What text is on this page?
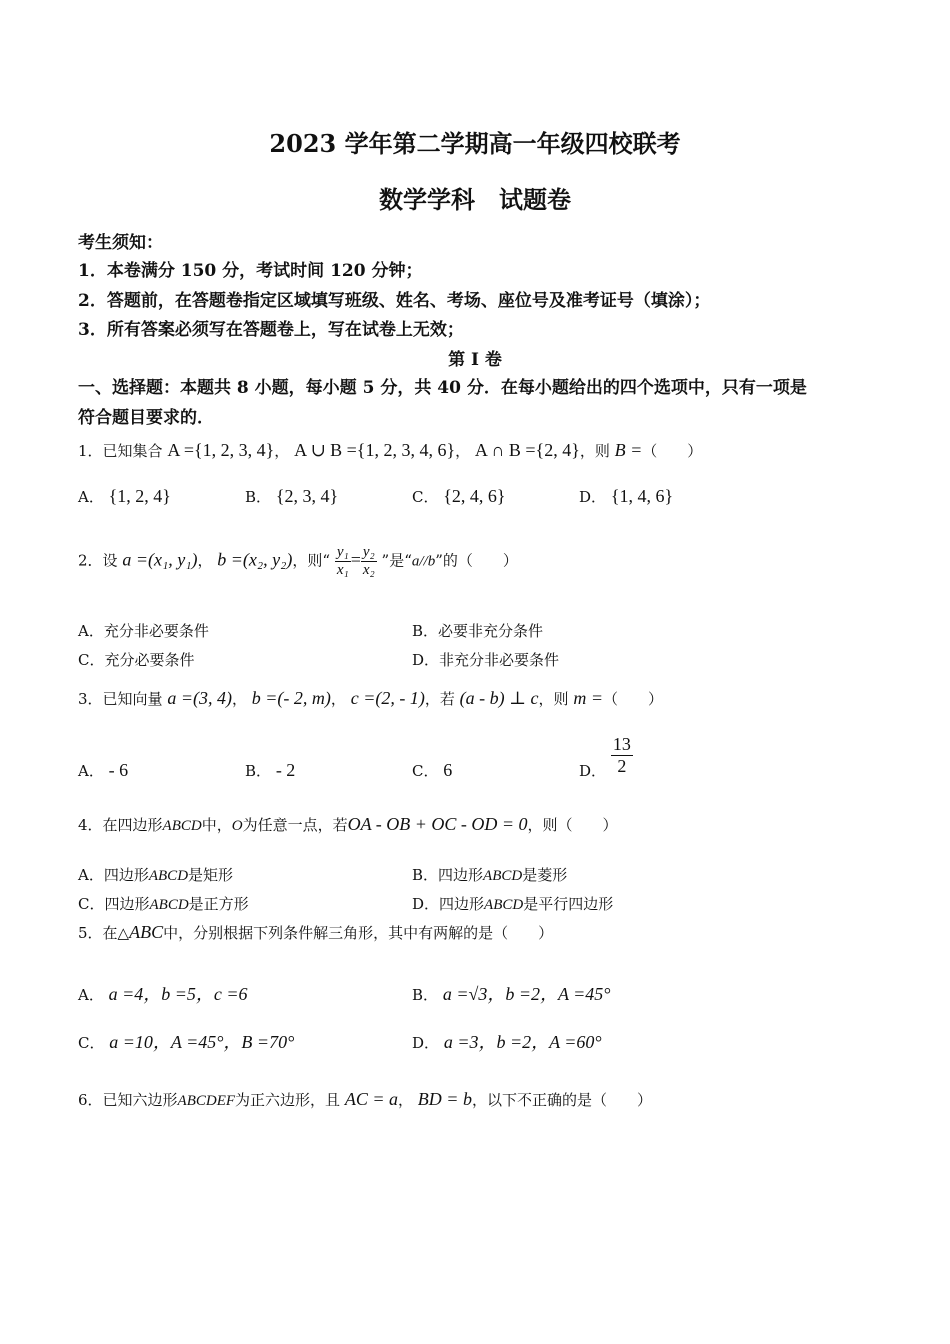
2023 学年第二学期高一年级四校联考
数学学科　试题卷
考生须知：
1．本卷满分 150 分，考试时间 120 分钟；
2．答题前，在答题卷指定区域填写班级、姓名、考场、座位号及准考证号（填涂）；
3．所有答案必须写在答题卷上，写在试卷上无效；
第 I 卷
一、选择题：本题共 8 小题，每小题 5 分，共 40 分．在每小题给出的四个选项中，只有一项是
符合题目要求的．
1．已知集合 A ={1, 2, 3, 4}， A ∪ B ={1, 2, 3, 4, 6}， A ∩ B ={2, 4}，则 B =（　　）
A． {1, 2, 4}	B． {2, 3, 4}	C． {2, 4, 6}	D． {1, 4, 6}
2．设 a =(x₁, y₁)， b =(x₂, y₂)，则“ $\frac{\text{y₁}}{\text{x₁}} = \frac{\text{y₂}}{\text{x₂}}$ ”是“a//b”的（　　）
A．充分非必要条件	B．必要非充分条件
C．充分必要条件	D．非充分非必要条件
3．已知向量 a =(3, 4)， b =(- 2, m)， c =(2, - 1)，若 (a - b) ⊥ c，则 m =（　　）
A． - 6	B． - 2	C． 6	D． $\frac{13}{2}$
4．在四边形ABCD中，O为任意一点，若OA - OB + OC - OD = 0，则（　　）
A．四边形ABCD是矩形	B．四边形ABCD是菱形
C．四边形ABCD是正方形	D．四边形ABCD是平行四边形
5．在△ABC中，分别根据下列条件解三角形，其中有两解的是（　　）
A． a =4，b =5，c =6	B． a =√3，b =2，A =45°
C． a =10，A =45°，B =70°	D． a =3，b =2，A =60°
6．已知六边形ABCDEF为正六边形，且 AC = a， BD = b，以下不正确的是（　　）
